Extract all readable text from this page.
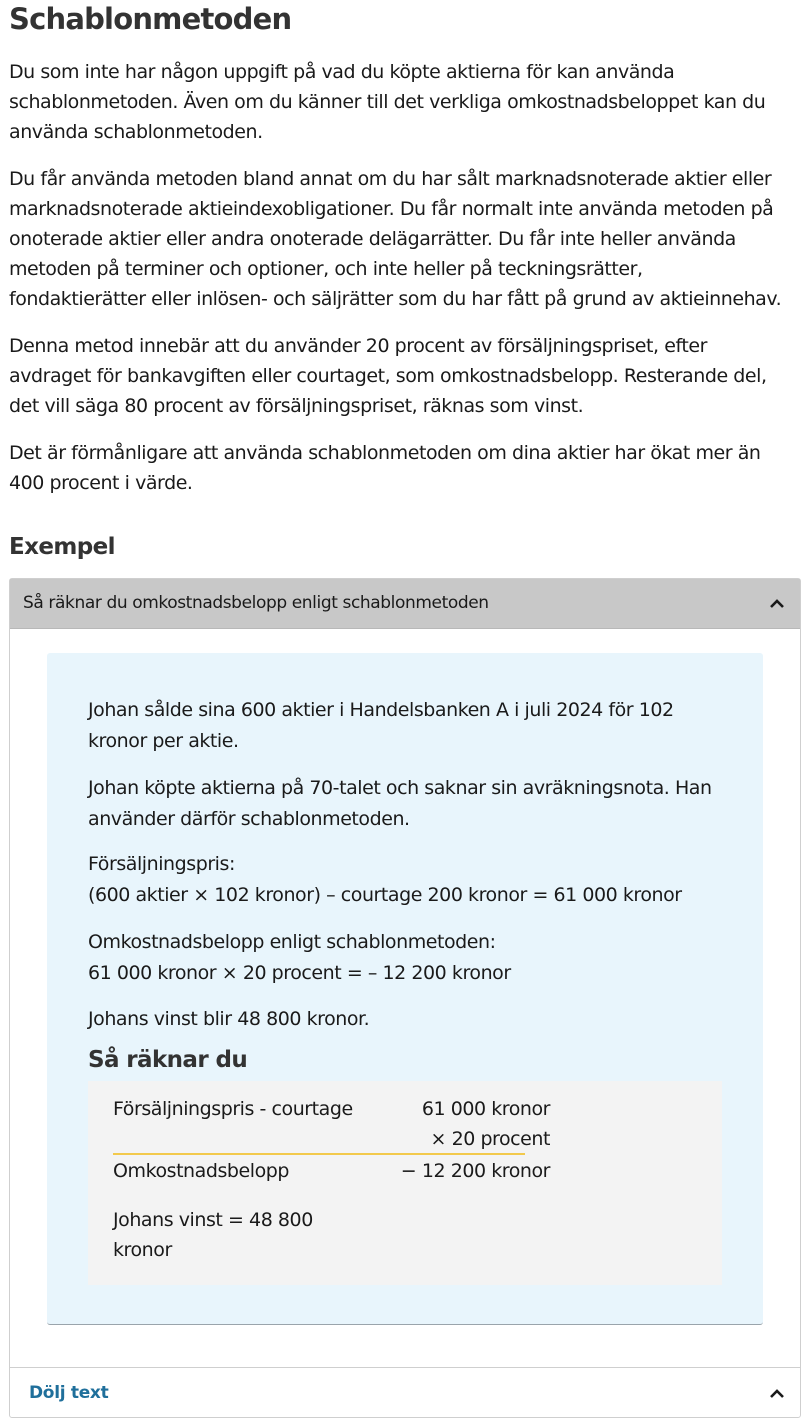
Schablonmetoden

Du som inte har någon uppgift på vad du köpte aktierna för kan använda
schablonmetoden. Även om du känner till det verkliga omkostnadsbeloppet kan du
använda schablonmetoden.

Du får använda metoden bland annat om du har sålt marknadsnoterade aktier eller
marknadsnoterade aktieindexobligationer. Du får normalt inte använda metoden på
onoterade aktier eller andra onoterade delägarrätter. Du får inte heller använda
metoden på terminer och optioner, och inte heller på teckningsrätter,
fondaktierätter eller inlösen- och säljrätter som du har fått på grund av aktieinnehav.

Denna metod innebär att du använder 20 procent av försäljningspriset, efter
avdraget för bankavgiften eller courtaget, som omkostnadsbelopp. Resterande del,
det vill säga 80 procent av försäljningspriset, räknas som vinst.

Det är förmånligare att använda schablonmetoden om dina aktier har ökat mer än
400 procent i värde.

Exempel
Så räknar du omkostnadsbelopp enligt schablonmetoden

Johan sålde sina 600 aktier i Handelsbanken A i juli 2024 för 102
kronor per aktie.

Johan köpte aktierna på 70-talet och saknar sin avräkningsnota. Han
använder därför schablonmetoden.

Försäljningspris:
(600 aktier × 102 kronor) – courtage 200 kronor = 61 000 kronor

Omkostnadsbelopp enligt schablonmetoden:
61 000 kronor × 20 procent = – 12 200 kronor

Johans vinst blir 48 800 kronor.

Så räknar du
Försäljningspris - courtage	61 000 kronor
× 20 procent
Omkostnadsbelopp	− 12 200 kronor
Johans vinst = 48 800
kronor
Dölj text
